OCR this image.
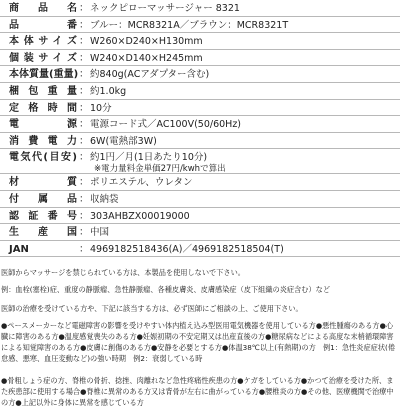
商品名 ： ネックピローマッサージャー 8321
品番 ： ブルー：MCR8321A／ブラウン：MCR8321T
本体サイズ ： W260×D240×H130mm
個装サイズ ： W240×D140×H245mm
本体質量(重量) ： 約840g(ACアダプター含む)
梱包重量 ： 約1.0kg
定格時間 ： 10分
電源 ： 電源コード式／AC100V(50/60Hz)
消費電力 ： 6W(電熱部3W)
電気代(目安) ： 約1円／月(1日あたり10分)
※電力量料金単価27円/kwhで算出
材質 ： ポリエステル、ウレタン
付属品 ： 収納袋
認証番号 ： 303AHBZX00019000
生産国 ： 中国
JAN	： 4969182518436(A)／4969182518504(T)
医師からマッサージを禁じられている方は、本製品を使用しないで下さい。
例：血栓(塞栓)症、重度の静脈瘤、急性静脈瘤、各種皮膚炎、皮膚感染症（皮下組織の炎症含む）など
医師の治療を受けている方や、下記に該当する方は、必ず医師にご相談の上、ご使用下さい。
●ペースメーカーなど電磁障害の影響を受けやすい体内植え込み型医用電気機器を使用している方●悪性腫瘍のある方●心臓に障害のある方●温度感覚喪失のある方●妊娠初期の不安定期又は出産直後の方●糖尿病などによる高度な末梢循環障害による知覚障害のある方●皮膚に創傷のある方●安静を必要とする方●体温38℃以上(有熱期)の方　例1：急性炎症症状(倦怠感、悪寒、血圧変動など)の強い時期　例2：衰弱している時
●骨粗しょう症の方、脊椎の骨折、捻挫、肉離れなど急性疼痛性疾患の方●ケガをしている方●かつて治療を受けた所、また疾患部に使用する場合●脊椎に異常のある方又は背骨が左右に曲がっている方●腰椎炎の方●その他、医療機関で治療中の方●上記以外に身体に異常を感じている方
